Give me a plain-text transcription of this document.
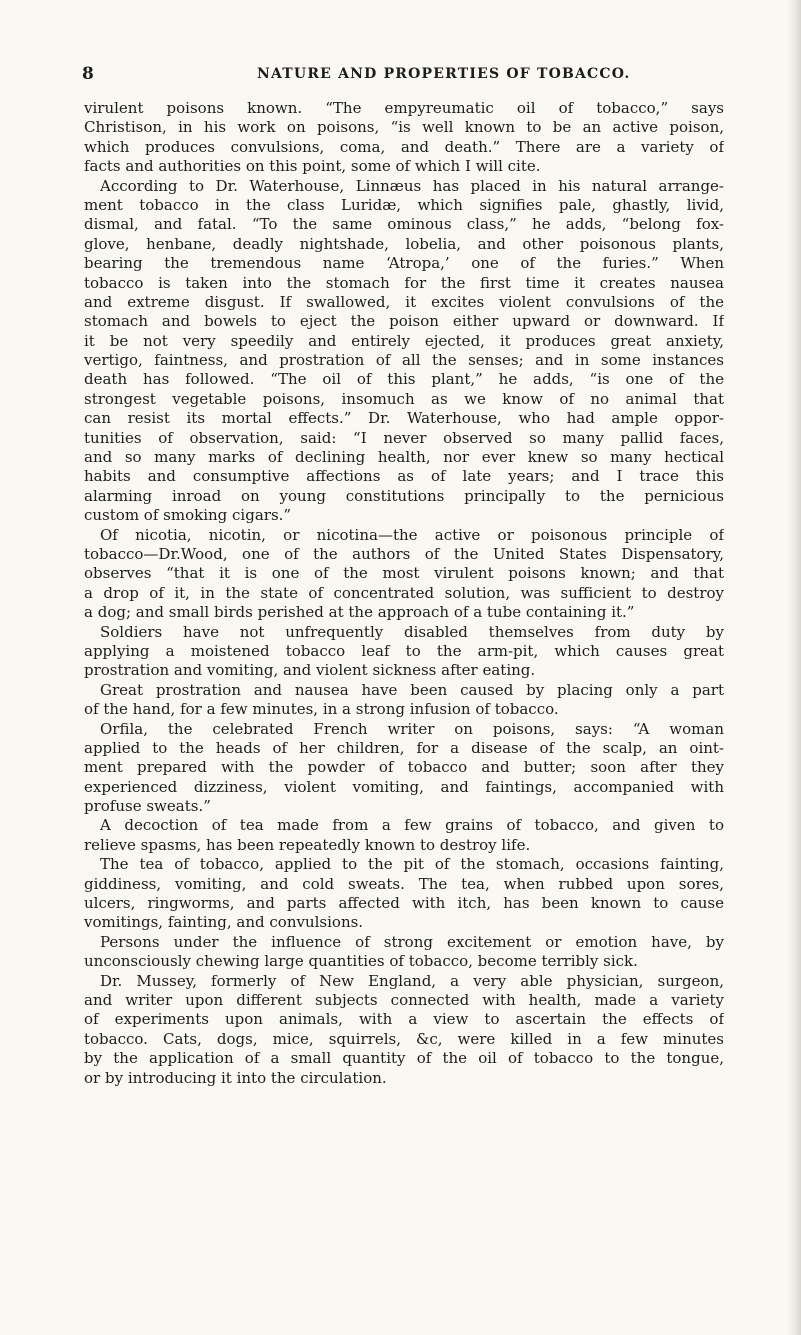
8	NATURE AND PROPERTIES OF TOBACCO.
virulent poisons known. “The empyreumatic oil of tobacco,” says
Christison, in his work on poisons, “is well known to be an active poison,
which produces convulsions, coma, and death.” There are a variety of
facts and authorities on this point, some of which I will cite.
According to Dr. Waterhouse, Linnæus has placed in his natural arrange-
ment tobacco in the class Luridæ, which signifies pale, ghastly, livid,
dismal, and fatal. “To the same ominous class,” he adds, “belong fox-
glove, henbane, deadly nightshade, lobelia, and other poisonous plants,
bearing the tremendous name ‘Atropa,’ one of the furies.” When
tobacco is taken into the stomach for the first time it creates nausea
and extreme disgust. If swallowed, it excites violent convulsions of the
stomach and bowels to eject the poison either upward or downward. If
it be not very speedily and entirely ejected, it produces great anxiety,
vertigo, faintness, and prostration of all the senses; and in some instances
death has followed. “The oil of this plant,” he adds, “is one of the
strongest vegetable poisons, insomuch as we know of no animal that
can resist its mortal effects.” Dr. Waterhouse, who had ample oppor-
tunities of observation, said: “I never observed so many pallid faces,
and so many marks of declining health, nor ever knew so many hectical
habits and consumptive affections as of late years; and I trace this
alarming inroad on young constitutions principally to the pernicious
custom of smoking cigars.”
Of nicotia, nicotin, or nicotina—the active or poisonous principle of
tobacco—Dr.Wood, one of the authors of the United States Dispensatory,
observes “that it is one of the most virulent poisons known; and that
a drop of it, in the state of concentrated solution, was sufficient to destroy
a dog; and small birds perished at the approach of a tube containing it.”
Soldiers have not unfrequently disabled themselves from duty by
applying a moistened tobacco leaf to the arm-pit, which causes great
prostration and vomiting, and violent sickness after eating.
Great prostration and nausea have been caused by placing only a part
of the hand, for a few minutes, in a strong infusion of tobacco.
Orfila, the celebrated French writer on poisons, says: “A woman
applied to the heads of her children, for a disease of the scalp, an oint-
ment prepared with the powder of tobacco and butter; soon after they
experienced dizziness, violent vomiting, and faintings, accompanied with
profuse sweats.”
A decoction of tea made from a few grains of tobacco, and given to
relieve spasms, has been repeatedly known to destroy life.
The tea of tobacco, applied to the pit of the stomach, occasions fainting,
giddiness, vomiting, and cold sweats. The tea, when rubbed upon sores,
ulcers, ringworms, and parts affected with itch, has been known to cause
vomitings, fainting, and convulsions.
Persons under the influence of strong excitement or emotion have, by
unconsciously chewing large quantities of tobacco, become terribly sick.
Dr. Mussey, formerly of New England, a very able physician, surgeon,
and writer upon different subjects connected with health, made a variety
of experiments upon animals, with a view to ascertain the effects of
tobacco. Cats, dogs, mice, squirrels, &c, were killed in a few minutes
by the application of a small quantity of the oil of tobacco to the tongue,
or by introducing it into the circulation.
